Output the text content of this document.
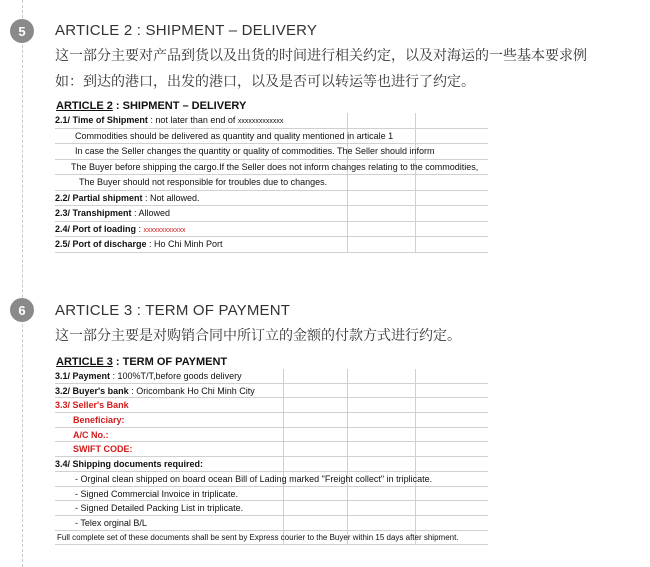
5	ARTICLE 2 : SHIPMENT – DELIVERY
这一部分主要对产品到货以及出货的时间进行相关约定，以及对海运的一些基本要求例
如：到达的港口，出发的港口，以及是否可以转运等也进行了约定。
ARTICLE 2 : SHIPMENT – DELIVERY
2.1/ Time of Shipment : not later than end of xxxxxxxxxxxxx
Commodities should be delivered as quantity and quality mentioned in articale 1
In case the Seller changes the quantity or quality of commodities. The Seller should inform
The Buyer before shipping the cargo.If the Seller does not inform changes relating to the commodities,
The Buyer should not responsible for troubles due to changes.
2.2/ Partial shipment : Not allowed.
2.3/ Transhipment : Allowed
2.4/ Port of loading : xxxxxxxxxxxx
2.5/ Port of discharge : Ho Chi Minh Port
6	ARTICLE 3 : TERM OF PAYMENT
这一部分主要是对购销合同中所订立的金额的付款方式进行约定。
ARTICLE 3 : TERM OF PAYMENT
3.1/ Payment : 100%T/T,before goods delivery
3.2/ Buyer's bank : Oricombank Ho Chi Minh City
3.3/ Seller's Bank
Beneficiary:
A/C No.:
SWIFT CODE:
3.4/ Shipping documents required:
- Orginal clean shipped on board ocean Bill of Lading marked "Freight collect" in triplicate.
- Signed Commercial Invoice in triplicate.
- Signed Detailed Packing List in triplicate.
- Telex orginal B/L
Full complete set of these documents shall be sent by Express courier to the Buyer within 15 days after shipment.
